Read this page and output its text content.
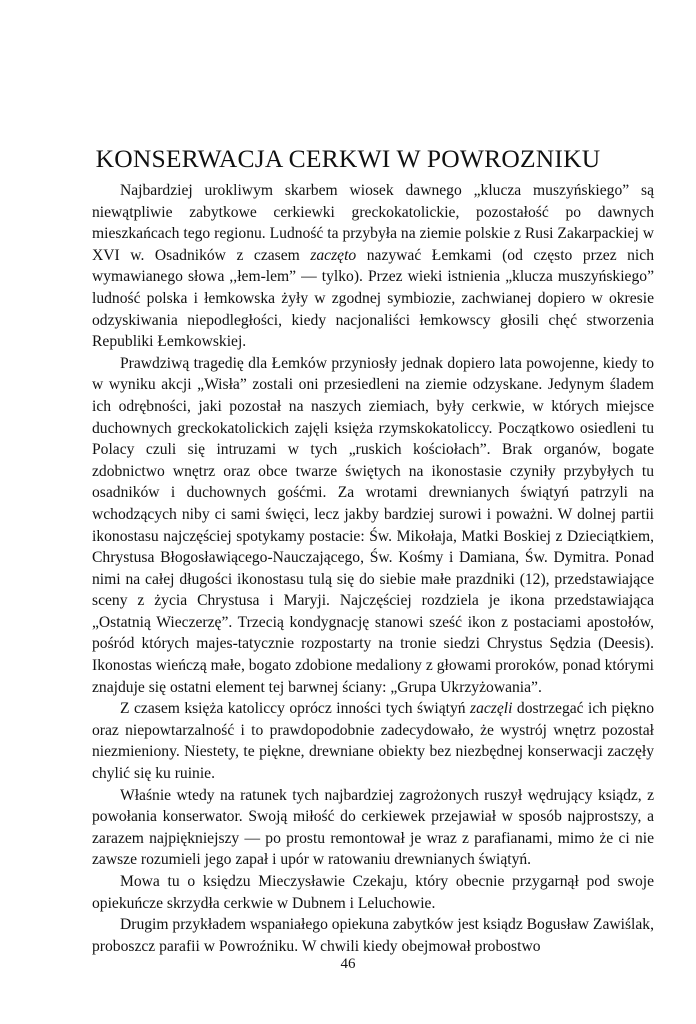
KONSERWACJA CERKWI W POWROZNIKU

Najbardziej urokliwym skarbem wiosek dawnego „klucza muszyńskiego” są niewątpliwie zabytkowe cerkiewki greckokatolickie, pozostałość po dawnych mieszkańcach tego regionu. Ludność ta przybyła na ziemie polskie z Rusi Zakarpackiej w XVI w. Osadników z czasem zaczęto nazywać Łemkami (od często przez nich wymawianego słowa ,,łem-lem” — tylko). Przez wieki istnienia „klucza muszyńskiego” ludność polska i łemkowska żyły w zgodnej symbiozie, zachwianej dopiero w okresie odzyskiwania niepodległości, kiedy nacjonaliści łemkowscy głosili chęć stworzenia Republiki Łemkowskiej.

Prawdziwą tragedię dla Łemków przyniosły jednak dopiero lata powojenne, kiedy to w wyniku akcji „Wisła” zostali oni przesiedleni na ziemie odzyskane. Jedynym śladem ich odrębności, jaki pozostał na naszych ziemiach, były cerkwie, w których miejsce duchownych greckokatolickich zajęli księża rzymskokatoliccy. Początkowo osiedleni tu Polacy czuli się intruzami w tych „ruskich kościołach”. Brak organów, bogate zdobnictwo wnętrz oraz obce twarze świętych na ikonostasie czyniły przybyłych tu osadników i duchownych gośćmi. Za wrotami drewnianych świątyń patrzyli na wchodzących niby ci sami święci, lecz jakby bardziej surowi i poważni. W dolnej partii ikonostasu najczęściej spotykamy postacie: Św. Mikołaja, Matki Boskiej z Dzieciątkiem, Chrystusa Błogosławiącego-Nauczającego, Św. Kośmy i Damiana, Św. Dymitra. Ponad nimi na całej długości ikonostasu tulą się do siebie małe prazdniki (12), przedstawiające sceny z życia Chrystusa i Maryji. Najczęściej rozdziela je ikona przedstawiająca „Ostatnią Wieczerzę”. Trzecią kondygnację stanowi sześć ikon z postaciami apostołów, pośród których majes-tatycznie rozpostarty na tronie siedzi Chrystus Sędzia (Deesis). Ikonostas wieńczą małe, bogato zdobione medaliony z głowami proroków, ponad którymi znajduje się ostatni element tej barwnej ściany: „Grupa Ukrzyżowania”.

Z czasem księża katoliccy oprócz inności tych świątyń zaczęli dostrzegać ich piękno oraz niepowtarzalność i to prawdopodobnie zadecydowało, że wystrój wnętrz pozostał niezmieniony. Niestety, te piękne, drewniane obiekty bez niezbędnej konserwacji zaczęły chylić się ku ruinie.

Właśnie wtedy na ratunek tych najbardziej zagrożonych ruszył wędrujący ksiądz, z powołania konserwator. Swoją miłość do cerkiewek przejawiał w sposób najprostszy, a zarazem najpiękniejszy — po prostu remontował je wraz z parafianami, mimo że ci nie zawsze rozumieli jego zapał i upór w ratowaniu drewnianych świątyń.

Mowa tu o księdzu Mieczysławie Czekaju, który obecnie przygarnął pod swoje opiekuńcze skrzydła cerkwie w Dubnem i Leluchowie.

Drugim przykładem wspaniałego opiekuna zabytków jest ksiądz Bogusław Zawiślak, proboszcz parafii w Powroźniku. W chwili kiedy obejmował probostwo

46
